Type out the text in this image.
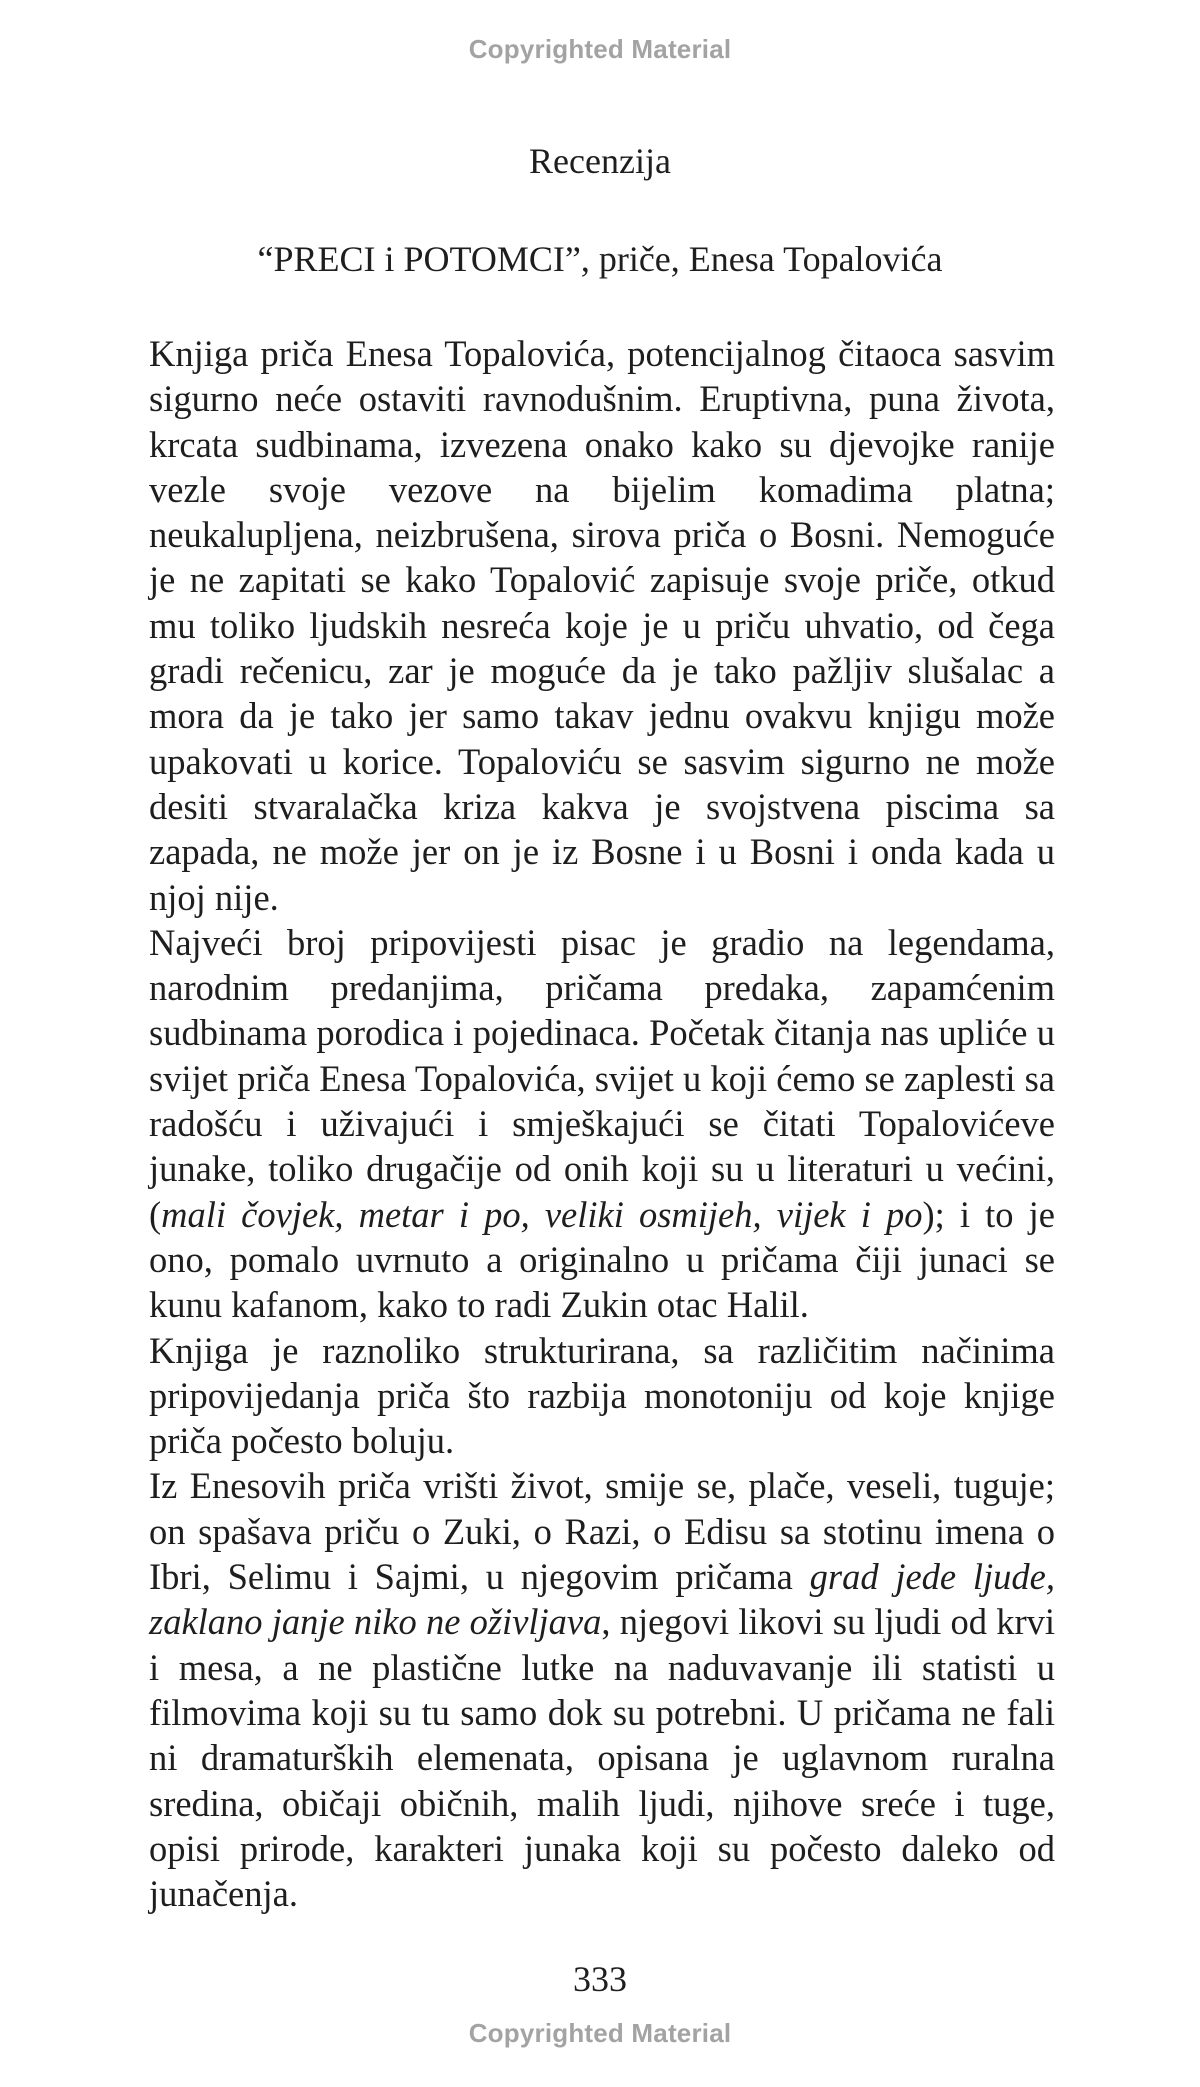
Copyrighted Material
Recenzija
“PRECI i POTOMCI”, priče, Enesa Topalovića

Knjiga priča Enesa Topalovića, potencijalnog čitaoca sasvim sigurno neće ostaviti ravnodušnim. Eruptivna, puna života, krcata sudbinama, izvezena onako kako su djevojke ranije vezle svoje vezove na bijelim komadima platna; neukalupljena, neizbrušena, sirova priča o Bosni. Nemoguće je ne zapitati se kako Topalović zapisuje svoje priče, otkud mu toliko ljudskih nesreća koje je u priču uhvatio, od čega gradi rečenicu, zar je moguće da je tako pažljiv slušalac a mora da je tako jer samo takav jednu ovakvu knjigu može upakovati u korice. Topaloviću se sasvim sigurno ne može desiti stvaralačka kriza kakva je svojstvena piscima sa zapada, ne može jer on je iz Bosne i u Bosni i onda kada u njoj nije.

Najveći broj pripovijesti pisac je gradio na legendama, narodnim predanjima, pričama predaka, zapamćenim sudbinama porodica i pojedinaca. Početak čitanja nas upliće u svijet priča Enesa Topalovića, svijet u koji ćemo se zaplesti sa radošću i uživajući i smješkajući se čitati Topalovićeve junake, toliko drugačije od onih koji su u literaturi u većini, (mali čovjek, metar i po, veliki osmijeh, vijek i po); i to je ono, pomalo uvrnuto a originalno u pričama čiji junaci se kunu kafanom, kako to radi Zukin otac Halil.

Knjiga je raznoliko strukturirana, sa različitim načinima pripovijedanja priča što razbija monotoniju od koje knjige priča počesto boluju.

Iz Enesovih priča vrišti život, smije se, plače, veseli, tuguje; on spašava priču o Zuki, o Razi, o Edisu sa stotinu imena o Ibri, Selimu i Sajmi, u njegovim pričama grad jede ljude, zaklano janje niko ne oživljava, njegovi likovi su ljudi od krvi i mesa, a ne plastične lutke na naduvavanje ili statisti u filmovima koji su tu samo dok su potrebni. U pričama ne fali ni dramaturških elemenata, opisana je uglavnom ruralna sredina, običaji običnih, malih ljudi, njihove sreće i tuge, opisi prirode, karakteri junaka koji su počesto daleko od junačenja.

333
Copyrighted Material
